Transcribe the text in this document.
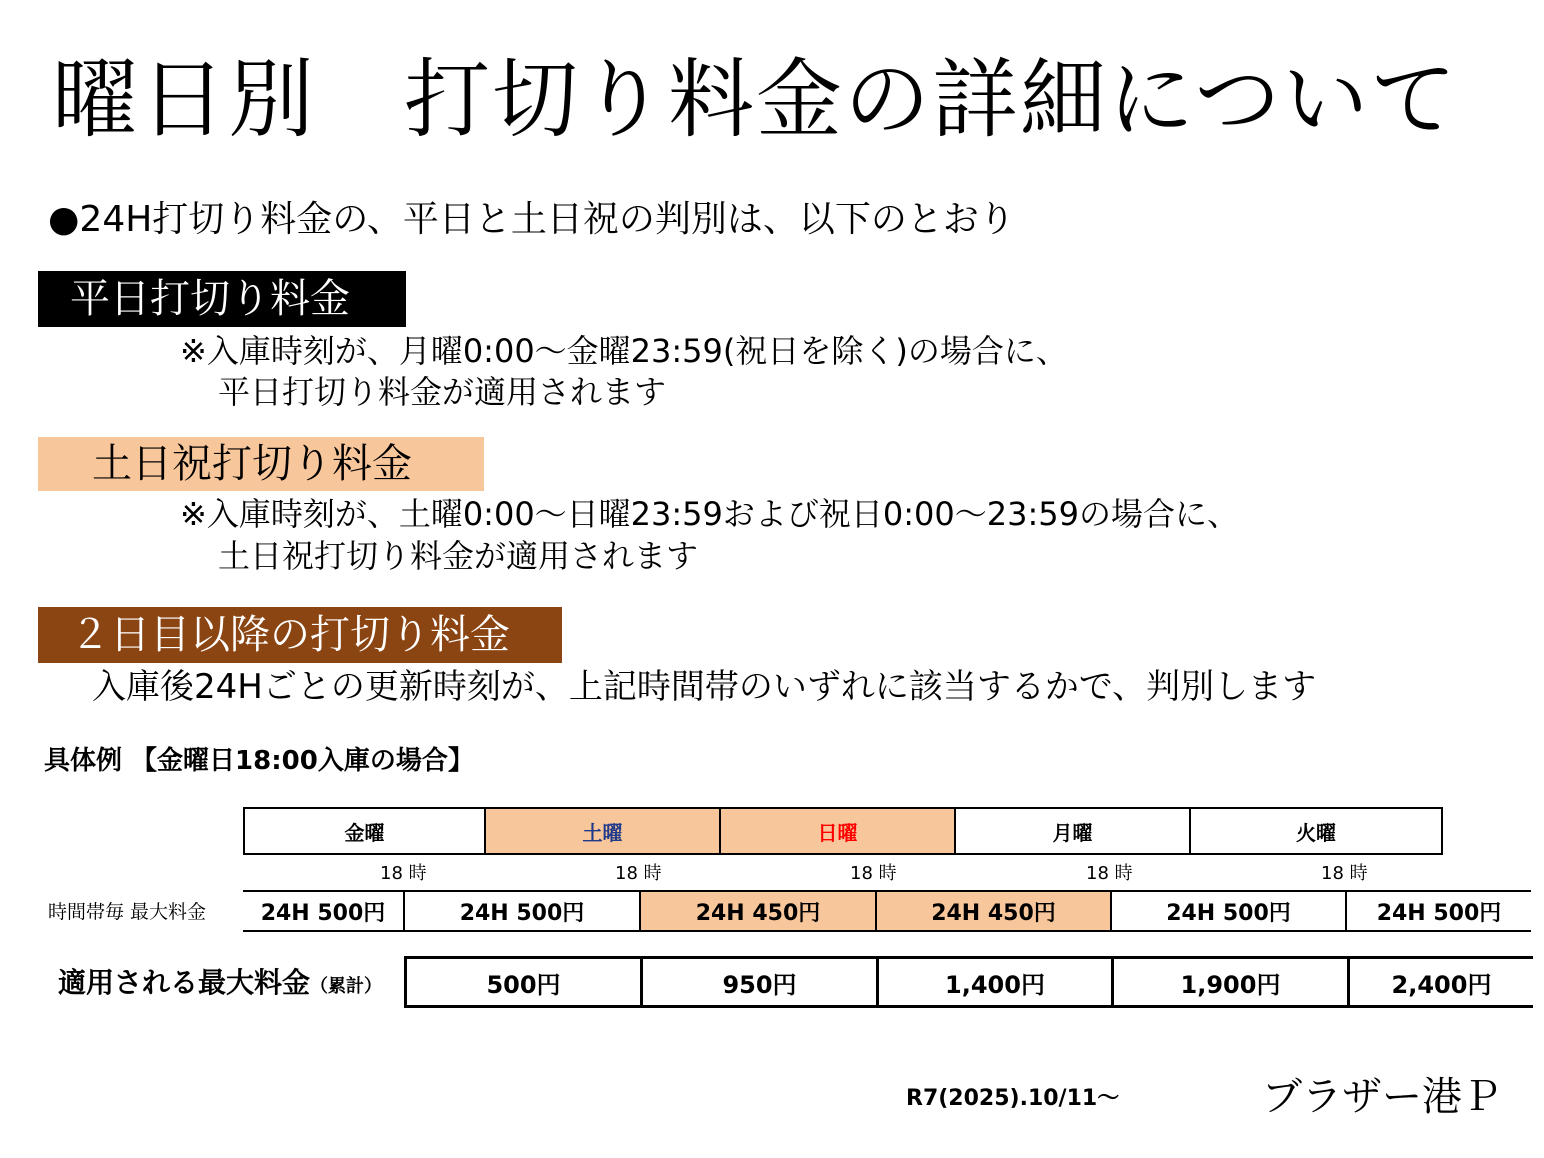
曜日別　打切り料金の詳細について
●24H打切り料金の、平日と土日祝の判別は、以下のとおり
平日打切り料金
※入庫時刻が、月曜0:00～金曜23:59(祝日を除く)の場合に、
平日打切り料金が適用されます
土日祝打切り料金
※入庫時刻が、土曜0:00～日曜23:59および祝日0:00～23:59の場合に、
土日祝打切り料金が適用されます
２日目以降の打切り料金
入庫後24Hごとの更新時刻が、上記時間帯のいずれに該当するかで、判別します
具体例 【金曜日18:00入庫の場合】
金曜	土曜	日曜	月曜	火曜
18 時	18 時	18 時	18 時	18 時
時間帯毎 最大料金	24H 500円	24H 500円	24H 450円	24H 450円	24H 500円	24H 500円
適用される最大料金（累計）	500円	950円	1,400円	1,900円	2,400円
R7(2025).10/11～	ブラザー港Ｐ
